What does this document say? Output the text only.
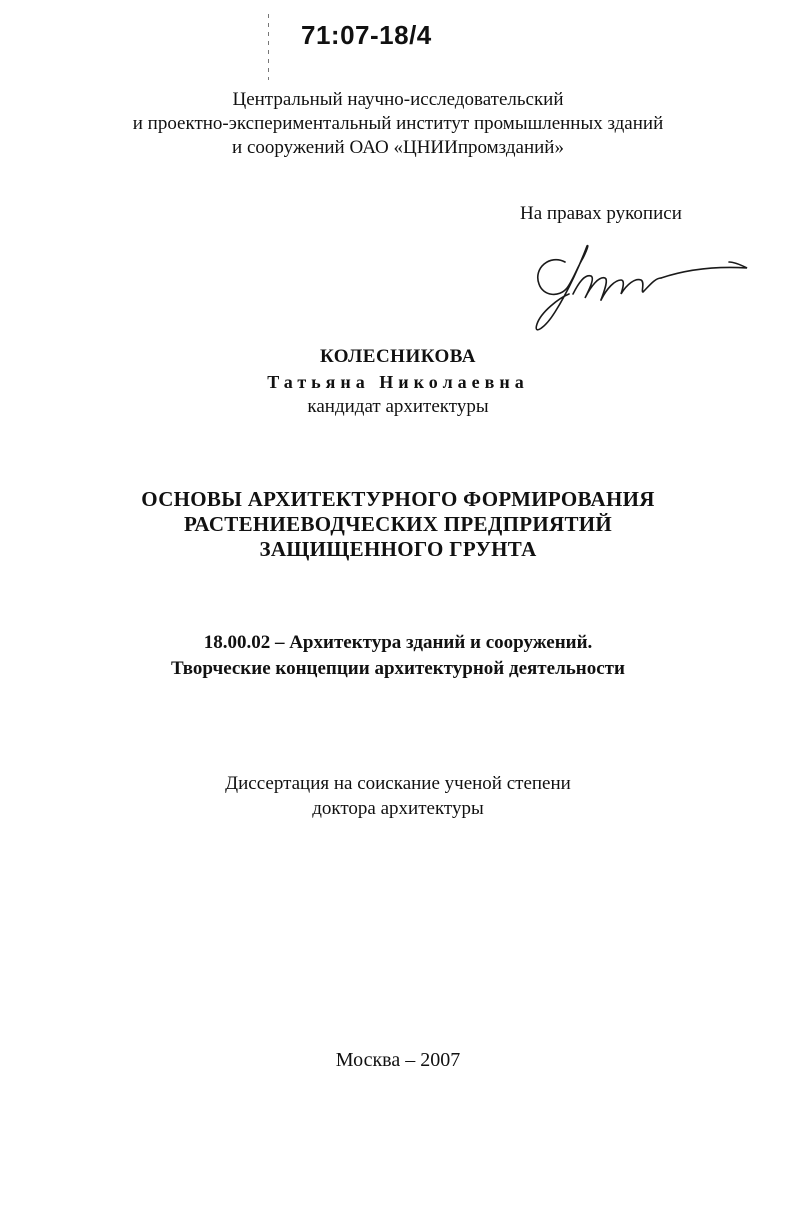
71:07-18/4
Центральный научно-исследовательский
и проектно-экспериментальный институт промышленных зданий
и сооружений ОАО «ЦНИИпромзданий»
На правах рукописи
КОЛЕСНИКОВА
Татьяна Николаевна
кандидат архитектуры
ОСНОВЫ АРХИТЕКТУРНОГО ФОРМИРОВАНИЯ
РАСТЕНИЕВОДЧЕСКИХ ПРЕДПРИЯТИЙ
ЗАЩИЩЕННОГО ГРУНТА
18.00.02 – Архитектура зданий и сооружений.
Творческие концепции архитектурной деятельности
Диссертация на соискание ученой степени
доктора архитектуры
Москва – 2007
